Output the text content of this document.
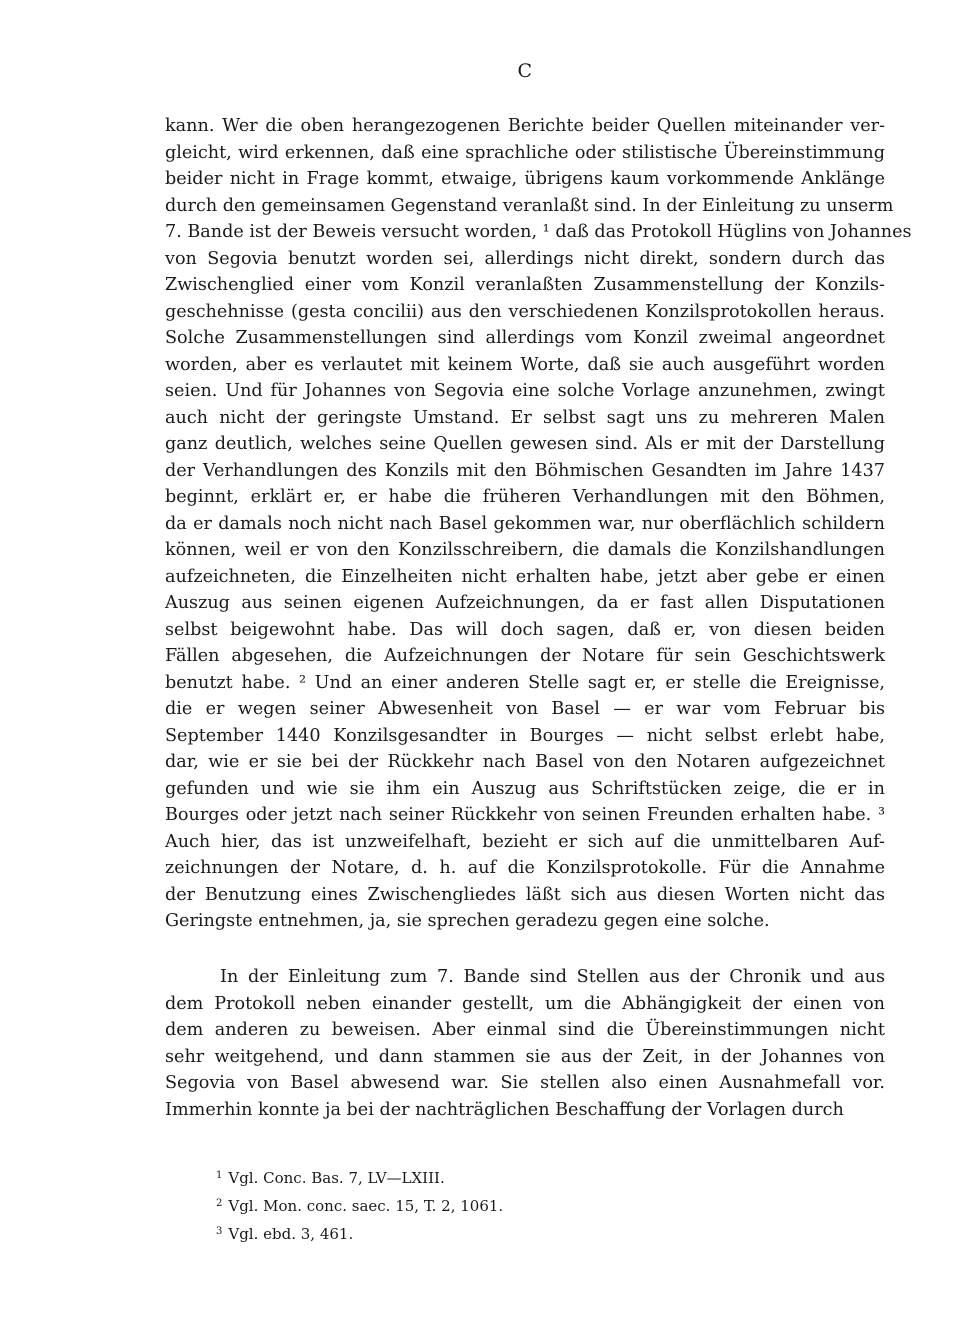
C
kann. Wer die oben herangezogenen Berichte beider Quellen miteinander ver-
gleicht, wird erkennen, daß eine sprachliche oder stilistische Übereinstimmung
beider nicht in Frage kommt, etwaige, übrigens kaum vorkommende Anklänge
durch den gemeinsamen Gegenstand veranlaßt sind. In der Einleitung zu unserm
7. Bande ist der Beweis versucht worden, ¹ daß das Protokoll Hüglins von Johannes
von Segovia benutzt worden sei, allerdings nicht direkt, sondern durch das
Zwischenglied einer vom Konzil veranlaßten Zusammenstellung der Konzils-
geschehnisse (gesta concilii) aus den verschiedenen Konzilsprotokollen heraus.
Solche Zusammenstellungen sind allerdings vom Konzil zweimal angeordnet
worden, aber es verlautet mit keinem Worte, daß sie auch ausgeführt worden
seien. Und für Johannes von Segovia eine solche Vorlage anzunehmen, zwingt
auch nicht der geringste Umstand. Er selbst sagt uns zu mehreren Malen
ganz deutlich, welches seine Quellen gewesen sind. Als er mit der Darstellung
der Verhandlungen des Konzils mit den Böhmischen Gesandten im Jahre 1437
beginnt, erklärt er, er habe die früheren Verhandlungen mit den Böhmen,
da er damals noch nicht nach Basel gekommen war, nur oberflächlich schildern
können, weil er von den Konzilsschreibern, die damals die Konzilshandlungen
aufzeichneten, die Einzelheiten nicht erhalten habe, jetzt aber gebe er einen
Auszug aus seinen eigenen Aufzeichnungen, da er fast allen Disputationen
selbst beigewohnt habe. Das will doch sagen, daß er, von diesen beiden
Fällen abgesehen, die Aufzeichnungen der Notare für sein Geschichtswerk
benutzt habe. ² Und an einer anderen Stelle sagt er, er stelle die Ereignisse,
die er wegen seiner Abwesenheit von Basel — er war vom Februar bis
September 1440 Konzilsgesandter in Bourges — nicht selbst erlebt habe,
dar, wie er sie bei der Rückkehr nach Basel von den Notaren aufgezeichnet
gefunden und wie sie ihm ein Auszug aus Schriftstücken zeige, die er in
Bourges oder jetzt nach seiner Rückkehr von seinen Freunden erhalten habe. ³
Auch hier, das ist unzweifelhaft, bezieht er sich auf die unmittelbaren Auf-
zeichnungen der Notare, d. h. auf die Konzilsprotokolle. Für die Annahme
der Benutzung eines Zwischengliedes läßt sich aus diesen Worten nicht das
Geringste entnehmen, ja, sie sprechen geradezu gegen eine solche.
In der Einleitung zum 7. Bande sind Stellen aus der Chronik und aus
dem Protokoll neben einander gestellt, um die Abhängigkeit der einen von
dem anderen zu beweisen. Aber einmal sind die Übereinstimmungen nicht
sehr weitgehend, und dann stammen sie aus der Zeit, in der Johannes von
Segovia von Basel abwesend war. Sie stellen also einen Ausnahmefall vor.
Immerhin konnte ja bei der nachträglichen Beschaffung der Vorlagen durch
$^1$ Vgl. Conc. Bas. 7, LV—LXIII.
$^2$ Vgl. Mon. conc. saec. 15, T. 2, 1061.
$^3$ Vgl. ebd. 3, 461.
